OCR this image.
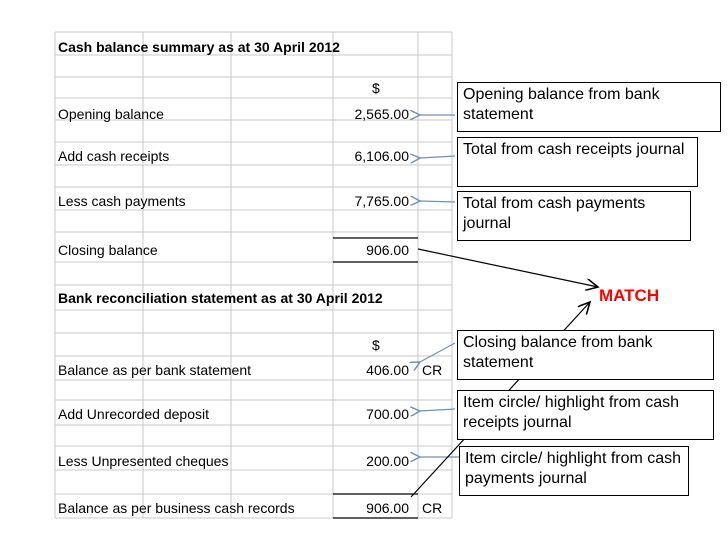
Cash balance summary as at 30 April 2012
$
Opening balance	2,565.00
Add cash receipts	6,106.00
Less cash payments	7,765.00
Closing balance	906.00
Bank reconciliation statement as at 30 April 2012
$
Balance as per bank statement	406.00 CR
Add Unrecorded deposit	700.00
Less Unpresented cheques	200.00
Balance as per business cash records	906.00 CR
Opening balance from bank statement
Total from cash receipts journal
Total from cash payments journal
MATCH
Closing balance from bank statement
Item circle/ highlight from cash receipts journal
Item circle/ highlight from cash payments journal
